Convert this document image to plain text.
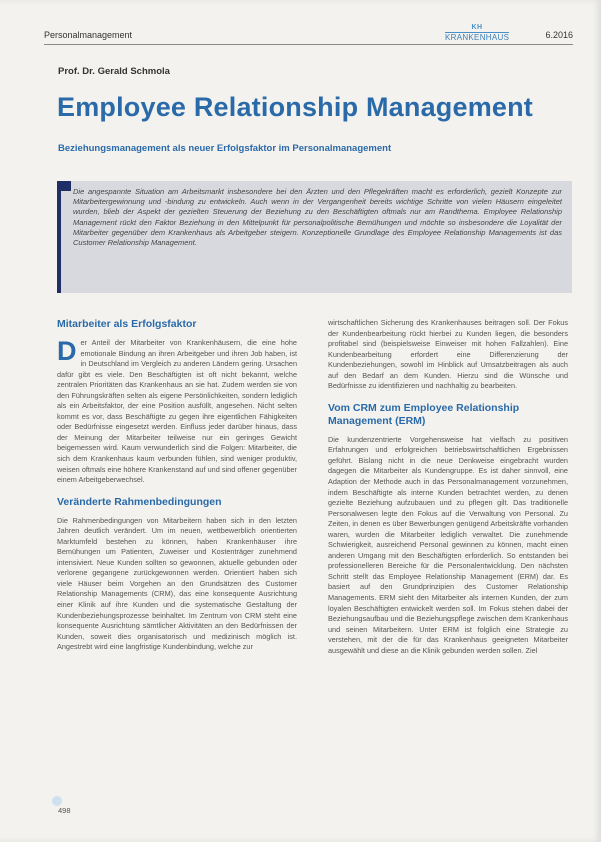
Personalmanagement
KH
KRANKENHAUS	6.2016
Prof. Dr. Gerald Schmola
Employee Relationship Management
Beziehungsmanagement als neuer Erfolgsfaktor im Personalmanagement
Die angespannte Situation am Arbeitsmarkt insbesondere bei den Ärzten und den Pflegekräften macht es erforderlich, gezielt Konzepte zur Mitarbeitergewinnung und -bindung zu entwickeln. Auch wenn in der Vergangenheit bereits wichtige Schritte von vielen Häusern eingeleitet wurden, blieb der Aspekt der gezielten Steuerung der Beziehung zu den Beschäftigten oftmals nur am Randthema. Employee Relationship Management rückt den Faktor Beziehung in den Mittelpunkt für personalpolitische Bemühungen und möchte so insbesondere die Loyalität der Mitarbeiter gegenüber dem Krankenhaus als Arbeitgeber steigern. Konzeptionelle Grundlage des Employee Relationship Managements ist das Customer Relationship Management.
Mitarbeiter als Erfolgsfaktor
Der Anteil der Mitarbeiter von Krankenhäusern, die eine hohe emotionale Bindung an ihren Arbeitgeber und ihren Job haben, ist in Deutschland im Vergleich zu anderen Ländern gering. Ursachen dafür gibt es viele. Den Beschäftigten ist oft nicht bekannt, welche zentralen Prioritäten das Krankenhaus an sie hat. Zudem werden sie von den Führungskräften selten als eigene Persönlichkeiten, sondern lediglich als ein Arbeitsfaktor, der eine Position ausfüllt, angesehen. Nicht selten kommt es vor, dass Beschäftigte zu gegen ihre eigentlichen Fähigkeiten oder Bedürfnisse eingesetzt werden. Einfluss jeder darüber hinaus, dass der Meinung der Mitarbeiter teilweise nur ein geringes Gewicht beigemessen wird. Kaum verwunderlich sind die Folgen: Mitarbeiter, die sich dem Krankenhaus kaum verbunden fühlen, sind weniger produktiv, weisen oftmals eine höhere Krankenstand auf und sind offener gegenüber einem Arbeitgeberwechsel.
Veränderte Rahmenbedingungen
Die Rahmenbedingungen von Mitarbeitern haben sich in den letzten Jahren deutlich verändert. Um im neuen, wettbewerblich orientierten Marktumfeld bestehen zu können, haben Krankenhäuser ihre Bemühungen um Patienten, Zuweiser und Kostenträger zunehmend intensiviert. Neue Kunden sollten so gewonnen, aktuelle gebunden oder verlorene gegangene zurückgewonnen werden. Orientiert haben sich viele Häuser beim Vorgehen an den Grundsätzen des Customer Relationship Managements (CRM), das eine konsequente Ausrichtung einer Klinik auf ihre Kunden und die systematische Gestaltung der Kundenbeziehungsprozesse beinhaltet. Im Zentrum von CRM steht eine konsequente Ausrichtung sämtlicher Aktivitäten an den Bedürfnissen der Kunden, soweit dies organisatorisch und medizinisch möglich ist. Angestrebt wird eine langfristige Kundenbindung, welche zur
wirtschaftlichen Sicherung des Krankenhauses beitragen soll. Der Fokus der Kundenbearbeitung rückt hierbei zu Kunden liegen, die besonders profitabel sind (beispielsweise Einweiser mit hohen Fallzahlen). Eine Kundenbearbeitung erfordert eine Differenzierung der Kundenbeziehungen, sowohl im Hinblick auf Umsatzbeitragen als auch auf den Bedarf an dem Kunden. Hierzu sind die Wünsche und Bedürfnisse zu identifizieren und nachhaltig zu bearbeiten.
Vom CRM zum Employee Relationship Management (ERM)
Die kundenzentrierte Vorgehensweise hat vielfach zu positiven Erfahrungen und erfolgreichen betriebswirtschaftlichen Ergebnissen geführt. Bislang nicht in die neue Denkweise eingebracht wurden dagegen die Mitarbeiter als Kundengruppe. Es ist daher sinnvoll, eine Adaption der Methode auch in das Personalmanagement vorzunehmen, indem Beschäftigte als interne Kunden betrachtet werden, zu denen gezielte Beziehung aufzubauen und zu pflegen gilt. Das traditionelle Personalwesen legte den Fokus auf die Verwaltung von Personal. Zu Zeiten, in denen es über Bewerbungen genügend Arbeitskräfte vorhanden waren, wurden die Mitarbeiter lediglich verwaltet. Die zunehmende Schwierigkeit, ausreichend Personal gewinnen zu können, macht einen anderen Umgang mit den Beschäftigten erforderlich. So entstanden bei professionelleren Bereiche für die Personalentwicklung. Den nächsten Schritt stellt das Employee Relationship Management (ERM) dar. Es basiert auf den Grundprinzipien des Customer Relationship Managements. ERM sieht den Mitarbeiter als internen Kunden, der zum loyalen Beschäftigten entwickelt werden soll. Im Fokus stehen dabei der Beziehungsaufbau und die Beziehungspflege zwischen dem Krankenhaus und seinen Mitarbeitern. Unter ERM ist folglich eine Strategie zu verstehen, mit der die für das Krankenhaus geeigneten Mitarbeiter ausgewählt und diese an die Klinik gebunden werden sollen. Ziel
498
